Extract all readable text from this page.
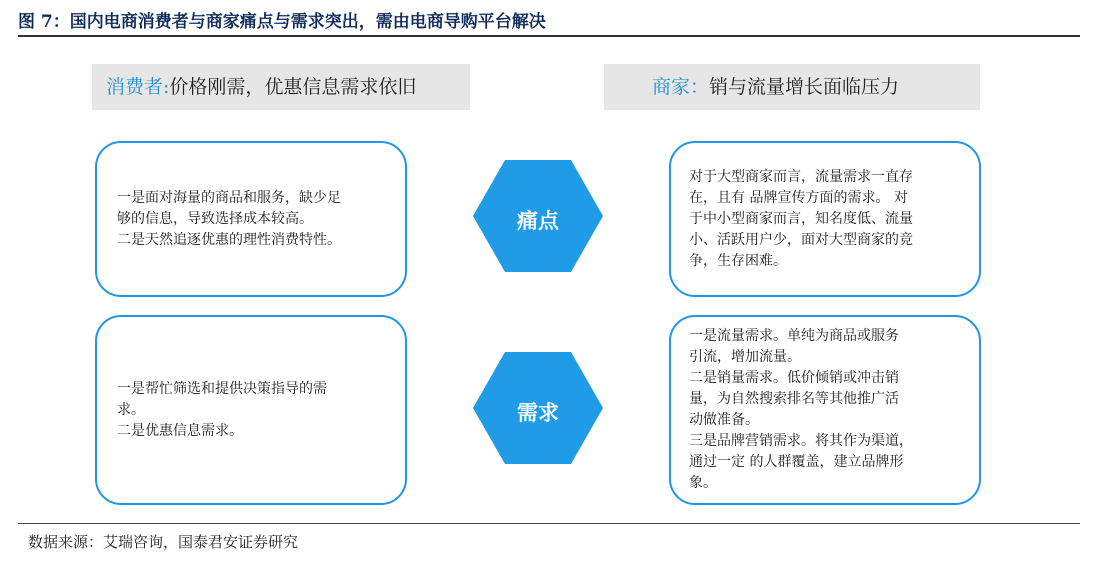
图 7：国内电商消费者与商家痛点与需求突出，需由电商导购平台解决
消费者:价格刚需，优惠信息需求依旧	商家：销与流量增长面临压力
一是面对海量的商品和服务，缺少足
够的信息，导致选择成本较高。
二是天然追逐优惠的理性消费特性。
一是帮忙筛选和提供决策指导的需
求。
二是优惠信息需求。
对于大型商家而言，流量需求一直存
在，且有 品牌宣传方面的需求。 对
于中小型商家而言，知名度低、流量
小、活跃用户少，面对大型商家的竞
争，生存困难。
一是流量需求。单纯为商品或服务
引流，增加流量。
二是销量需求。低价倾销或冲击销
量，为自然搜索排名等其他推广活
动做准备。
三是品牌营销需求。将其作为渠道，
通过一定 的人群覆盖，建立品牌形
象。
痛点
需求
数据来源：艾瑞咨询，国泰君安证券研究
